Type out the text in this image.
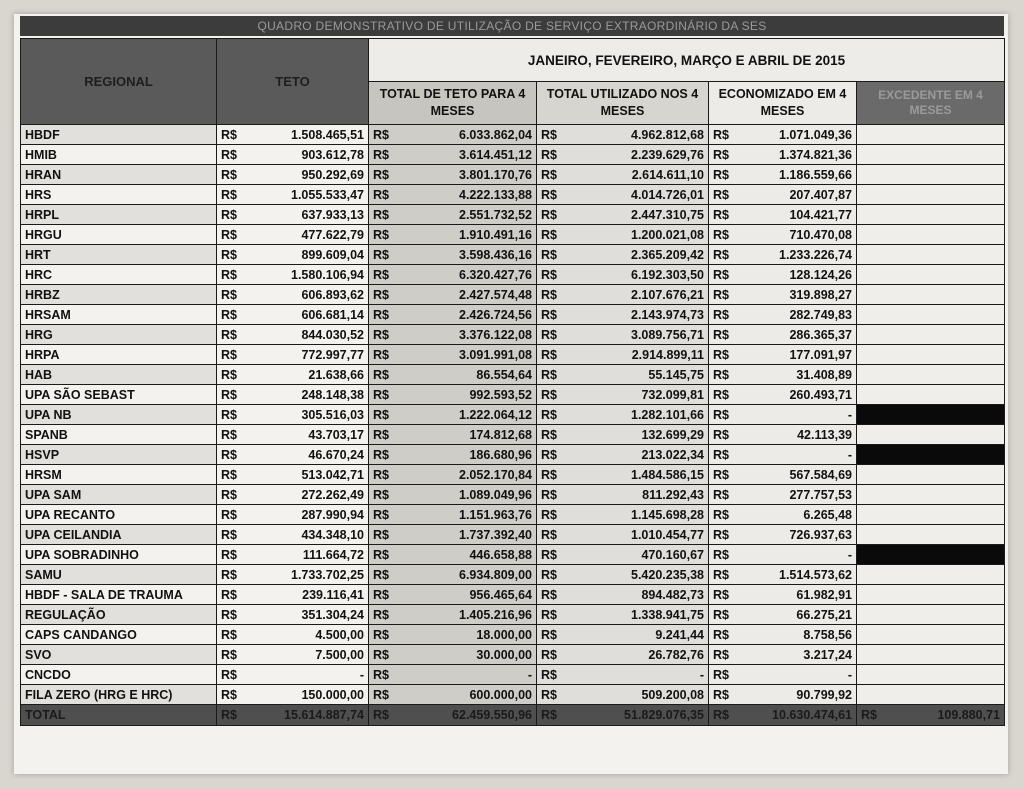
QUADRO DEMONSTRATIVO DE UTILIZAÇÃO DE SERVIÇO EXTRAORDINÁRIO DA SES
REGIONAL	TETO	JANEIRO, FEVEREIRO, MARÇO E ABRIL DE 2015			
		TOTAL DE TETO PARA 4 MESES	TOTAL UTILIZADO NOS 4 MESES	ECONOMIZADO EM 4 MESES	EXCEDENTE EM 4 MESES
HBDF	R$ 1.508.465,51	R$ 6.033.862,04	R$ 4.962.812,68	R$ 1.071.049,36	

HMIB	R$ 903.612,78	R$ 3.614.451,12	R$ 2.239.629,76	R$ 1.374.821,36	

HRAN	R$ 950.292,69	R$ 3.801.170,76	R$ 2.614.611,10	R$ 1.186.559,66	

HRS	R$ 1.055.533,47	R$ 4.222.133,88	R$ 4.014.726,01	R$ 207.407,87	

HRPL	R$ 637.933,13	R$ 2.551.732,52	R$ 2.447.310,75	R$ 104.421,77	

HRGU	R$ 477.622,79	R$ 1.910.491,16	R$ 1.200.021,08	R$ 710.470,08	

HRT	R$ 899.609,04	R$ 3.598.436,16	R$ 2.365.209,42	R$ 1.233.226,74	

HRC	R$ 1.580.106,94	R$ 6.320.427,76	R$ 6.192.303,50	R$ 128.124,26	

HRBZ	R$ 606.893,62	R$ 2.427.574,48	R$ 2.107.676,21	R$ 319.898,27	

HRSAM	R$ 606.681,14	R$ 2.426.724,56	R$ 2.143.974,73	R$ 282.749,83	

HRG	R$ 844.030,52	R$ 3.376.122,08	R$ 3.089.756,71	R$ 286.365,37	

HRPA	R$ 772.997,77	R$ 3.091.991,08	R$ 2.914.899,11	R$ 177.091,97	

HAB	R$ 21.638,66	R$ 86.554,64	R$ 55.145,75	R$ 31.408,89	

UPA SÃO SEBAST	R$ 248.148,38	R$ 992.593,52	R$ 732.099,81	R$ 260.493,71	

UPA NB	R$ 305.516,03	R$ 1.222.064,12	R$ 1.282.101,66	R$ -	

SPANB	R$ 43.703,17	R$ 174.812,68	R$ 132.699,29	R$ 42.113,39	

HSVP	R$ 46.670,24	R$ 186.680,96	R$ 213.022,34	R$ -	

HRSM	R$ 513.042,71	R$ 2.052.170,84	R$ 1.484.586,15	R$ 567.584,69	

UPA SAM	R$ 272.262,49	R$ 1.089.049,96	R$ 811.292,43	R$ 277.757,53	

UPA RECANTO	R$ 287.990,94	R$ 1.151.963,76	R$ 1.145.698,28	R$ 6.265,48	

UPA CEILANDIA	R$ 434.348,10	R$ 1.737.392,40	R$ 1.010.454,77	R$ 726.937,63	

UPA SOBRADINHO	R$ 111.664,72	R$ 446.658,88	R$ 470.160,67	R$ -	

SAMU	R$ 1.733.702,25	R$ 6.934.809,00	R$ 5.420.235,38	R$ 1.514.573,62	

HBDF - SALA DE TRAUMA	R$ 239.116,41	R$ 956.465,64	R$ 894.482,73	R$ 61.982,91	

REGULAÇÃO	R$ 351.304,24	R$ 1.405.216,96	R$ 1.338.941,75	R$ 66.275,21	

CAPS CANDANGO	R$ 4.500,00	R$ 18.000,00	R$ 9.241,44	R$ 8.758,56	

SVO	R$ 7.500,00	R$ 30.000,00	R$ 26.782,76	R$ 3.217,24	

CNCDO	R$ -	R$ -	R$ -	R$ -	

FILA ZERO (HRG E HRC)	R$ 150.000,00	R$ 600.000,00	R$ 509.200,08	R$ 90.799,92	

TOTAL	R$ 15.614.887,74	R$ 62.459.550,96	R$ 51.829.076,35	R$ 10.630.474,61	R$ 109.880,71
